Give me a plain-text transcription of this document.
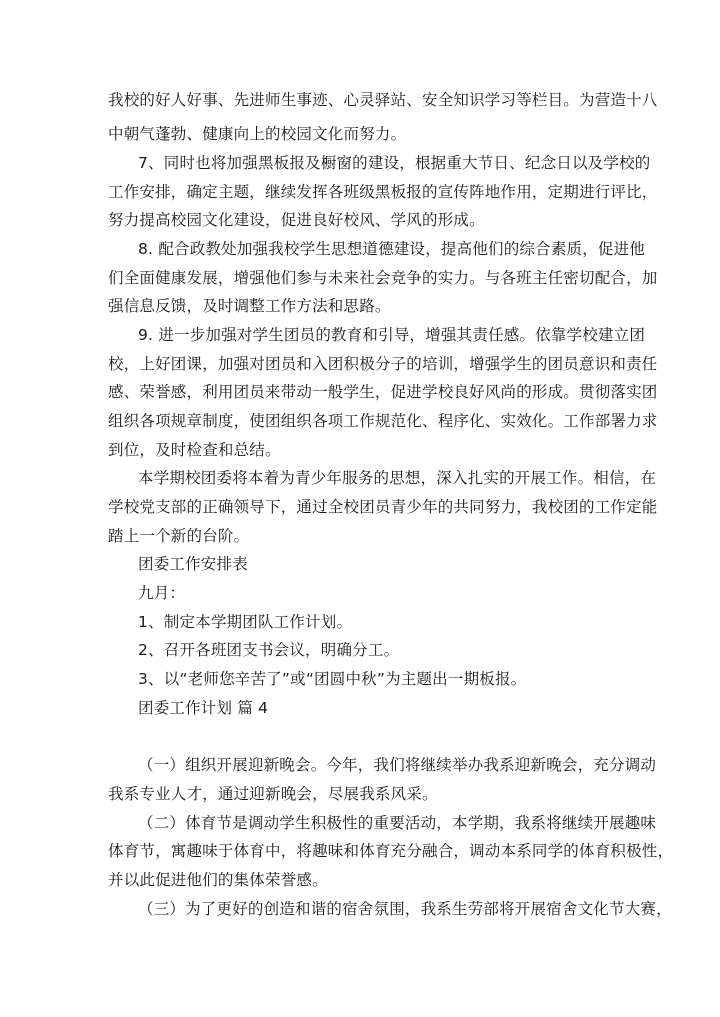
我校的好人好事、先进师生事迹、心灵驿站、安全知识学习等栏目。为营造十八
中朝气蓬勃、健康向上的校园文化而努力。
7、同时也将加强黑板报及橱窗的建设，根据重大节日、纪念日以及学校的
工作安排，确定主题，继续发挥各班级黑板报的宣传阵地作用，定期进行评比，
努力提高校园文化建设，促进良好校风、学风的形成。
8. 配合政教处加强我校学生思想道德建设，提高他们的综合素质，促进他
们全面健康发展，增强他们参与未来社会竞争的实力。与各班主任密切配合，加
强信息反馈，及时调整工作方法和思路。
9. 进一步加强对学生团员的教育和引导，增强其责任感。依靠学校建立团
校，上好团课，加强对团员和入团积极分子的培训，增强学生的团员意识和责任
感、荣誉感，利用团员来带动一般学生，促进学校良好风尚的形成。贯彻落实团
组织各项规章制度，使团组织各项工作规范化、程序化、实效化。工作部署力求
到位，及时检查和总结。
本学期校团委将本着为青少年服务的思想，深入扎实的开展工作。相信，在
学校党支部的正确领导下，通过全校团员青少年的共同努力，我校团的工作定能
踏上一个新的台阶。
团委工作安排表
九月：
1、制定本学期团队工作计划。
2、召开各班团支书会议，明确分工。
3、以“老师您辛苦了”或“团圆中秋”为主题出一期板报。
团委工作计划 篇 4
（一）组织开展迎新晚会。今年，我们将继续举办我系迎新晚会，充分调动
我系专业人才，通过迎新晚会，尽展我系风采。
（二）体育节是调动学生积极性的重要活动，本学期，我系将继续开展趣味
体育节，寓趣味于体育中，将趣味和体育充分融合，调动本系同学的体育积极性，
并以此促进他们的集体荣誉感。
（三）为了更好的创造和谐的宿舍氛围，我系生劳部将开展宿舍文化节大赛，
